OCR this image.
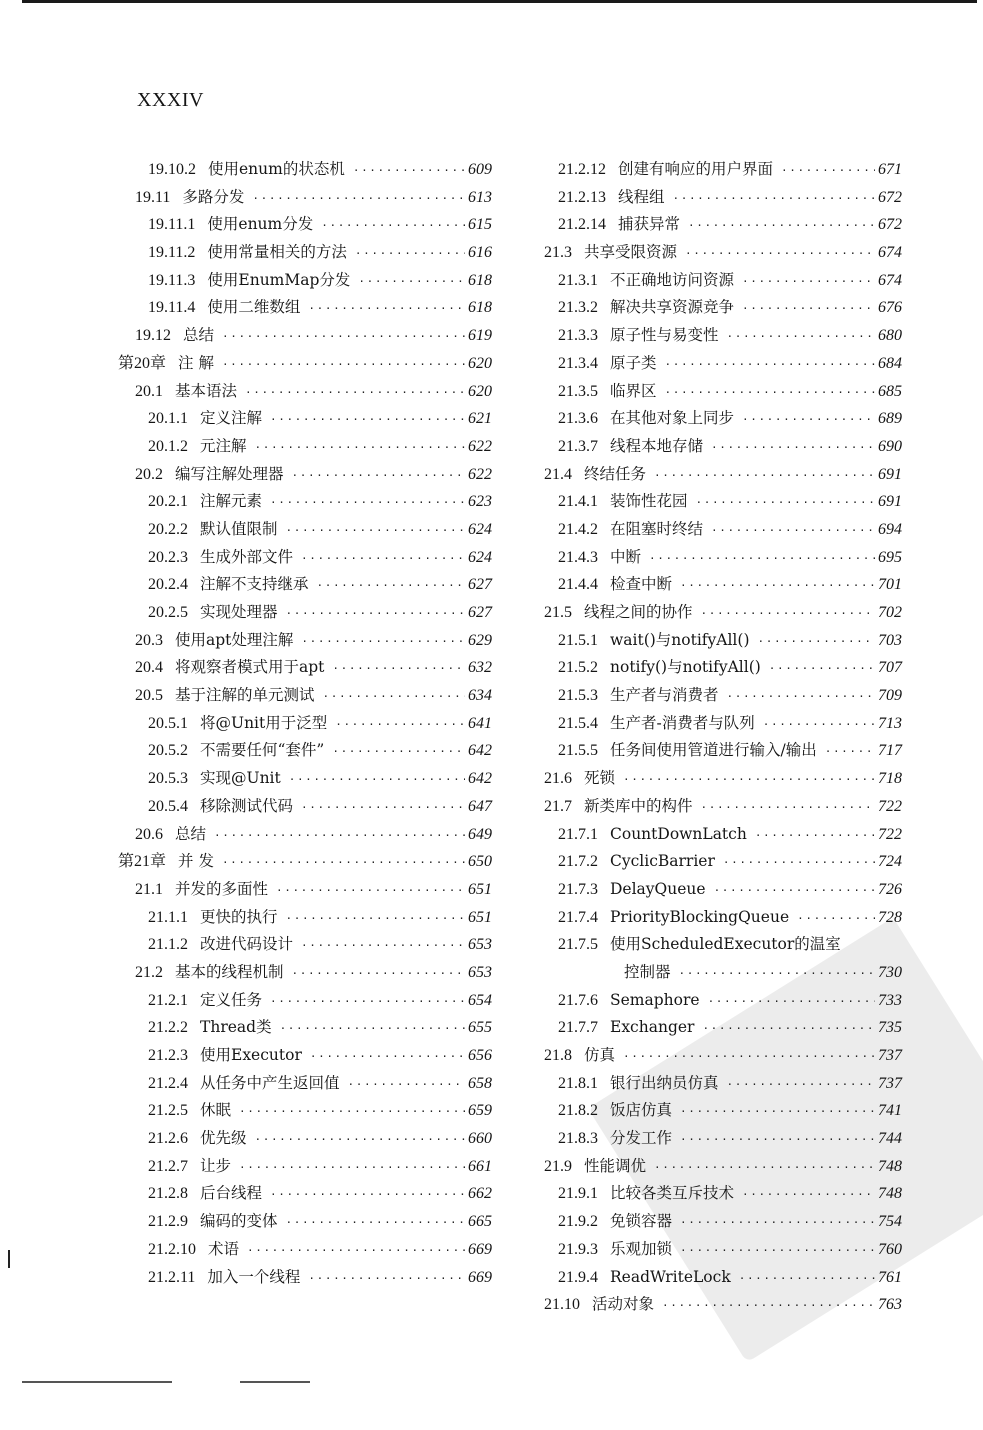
XXXIV
19.10.2 使用enum的状态机 ·····	609
19.11 多路分发 ·····	613
19.11.1 使用enum分发 ·····	615
19.11.2 使用常量相关的方法 ·····	616
19.11.3 使用EnumMap分发 ·····	618
19.11.4 使用二维数组 ·····	618
19.12 总结 ·····	619
第20章 注 解 ·····	620
20.1 基本语法 ·····	620
20.1.1 定义注解 ·····	621
20.1.2 元注解 ·····	622
20.2 编写注解处理器 ·····	622
20.2.1 注解元素 ·····	623
20.2.2 默认值限制 ·····	624
20.2.3 生成外部文件 ·····	624
20.2.4 注解不支持继承 ·····	627
20.2.5 实现处理器 ·····	627
20.3 使用apt处理注解 ·····	629
20.4 将观察者模式用于apt ·····	632
20.5 基于注解的单元测试 ·····	634
20.5.1 将@Unit用于泛型 ·····	641
20.5.2 不需要任何“套件” ·····	642
20.5.3 实现@Unit ·····	642
20.5.4 移除测试代码 ·····	647
20.6 总结 ·····	649
第21章 并 发 ·····	650
21.1 并发的多面性 ·····	651
21.1.1 更快的执行 ·····	651
21.1.2 改进代码设计 ·····	653
21.2 基本的线程机制 ·····	653
21.2.1 定义任务 ·····	654
21.2.2 Thread类 ·····	655
21.2.3 使用Executor ·····	656
21.2.4 从任务中产生返回值 ·····	658
21.2.5 休眠 ·····	659
21.2.6 优先级 ·····	660
21.2.7 让步 ·····	661
21.2.8 后台线程 ·····	662
21.2.9 编码的变体 ·····	665
21.2.10 术语 ·····	669
21.2.11 加入一个线程 ·····	669
21.2.12 创建有响应的用户界面 ·····	671
21.2.13 线程组 ·····	672
21.2.14 捕获异常 ·····	672
21.3 共享受限资源 ·····	674
21.3.1 不正确地访问资源 ·····	674
21.3.2 解决共享资源竞争 ·····	676
21.3.3 原子性与易变性 ·····	680
21.3.4 原子类 ·····	684
21.3.5 临界区 ·····	685
21.3.6 在其他对象上同步 ·····	689
21.3.7 线程本地存储 ·····	690
21.4 终结任务 ·····	691
21.4.1 装饰性花园 ·····	691
21.4.2 在阻塞时终结 ·····	694
21.4.3 中断 ·····	695
21.4.4 检查中断 ·····	701
21.5 线程之间的协作 ·····	702
21.5.1 wait()与notifyAll() ·····	703
21.5.2 notify()与notifyAll() ·····	707
21.5.3 生产者与消费者 ·····	709
21.5.4 生产者-消费者与队列 ·····	713
21.5.5 任务间使用管道进行输入/输出 ·····	717
21.6 死锁 ·····	718
21.7 新类库中的构件 ·····	722
21.7.1 CountDownLatch ·····	722
21.7.2 CyclicBarrier ·····	724
21.7.3 DelayQueue ·····	726
21.7.4 PriorityBlockingQueue ·····	728
21.7.5 使用ScheduledExecutor的温室
控制器 ·····	730
21.7.6 Semaphore ·····	733
21.7.7 Exchanger ·····	735
21.8 仿真 ·····	737
21.8.1 银行出纳员仿真 ·····	737
21.8.2 饭店仿真 ·····	741
21.8.3 分发工作 ·····	744
21.9 性能调优 ·····	748
21.9.1 比较各类互斥技术 ·····	748
21.9.2 免锁容器 ·····	754
21.9.3 乐观加锁 ·····	760
21.9.4 ReadWriteLock ·····	761
21.10 活动对象 ·····	763
